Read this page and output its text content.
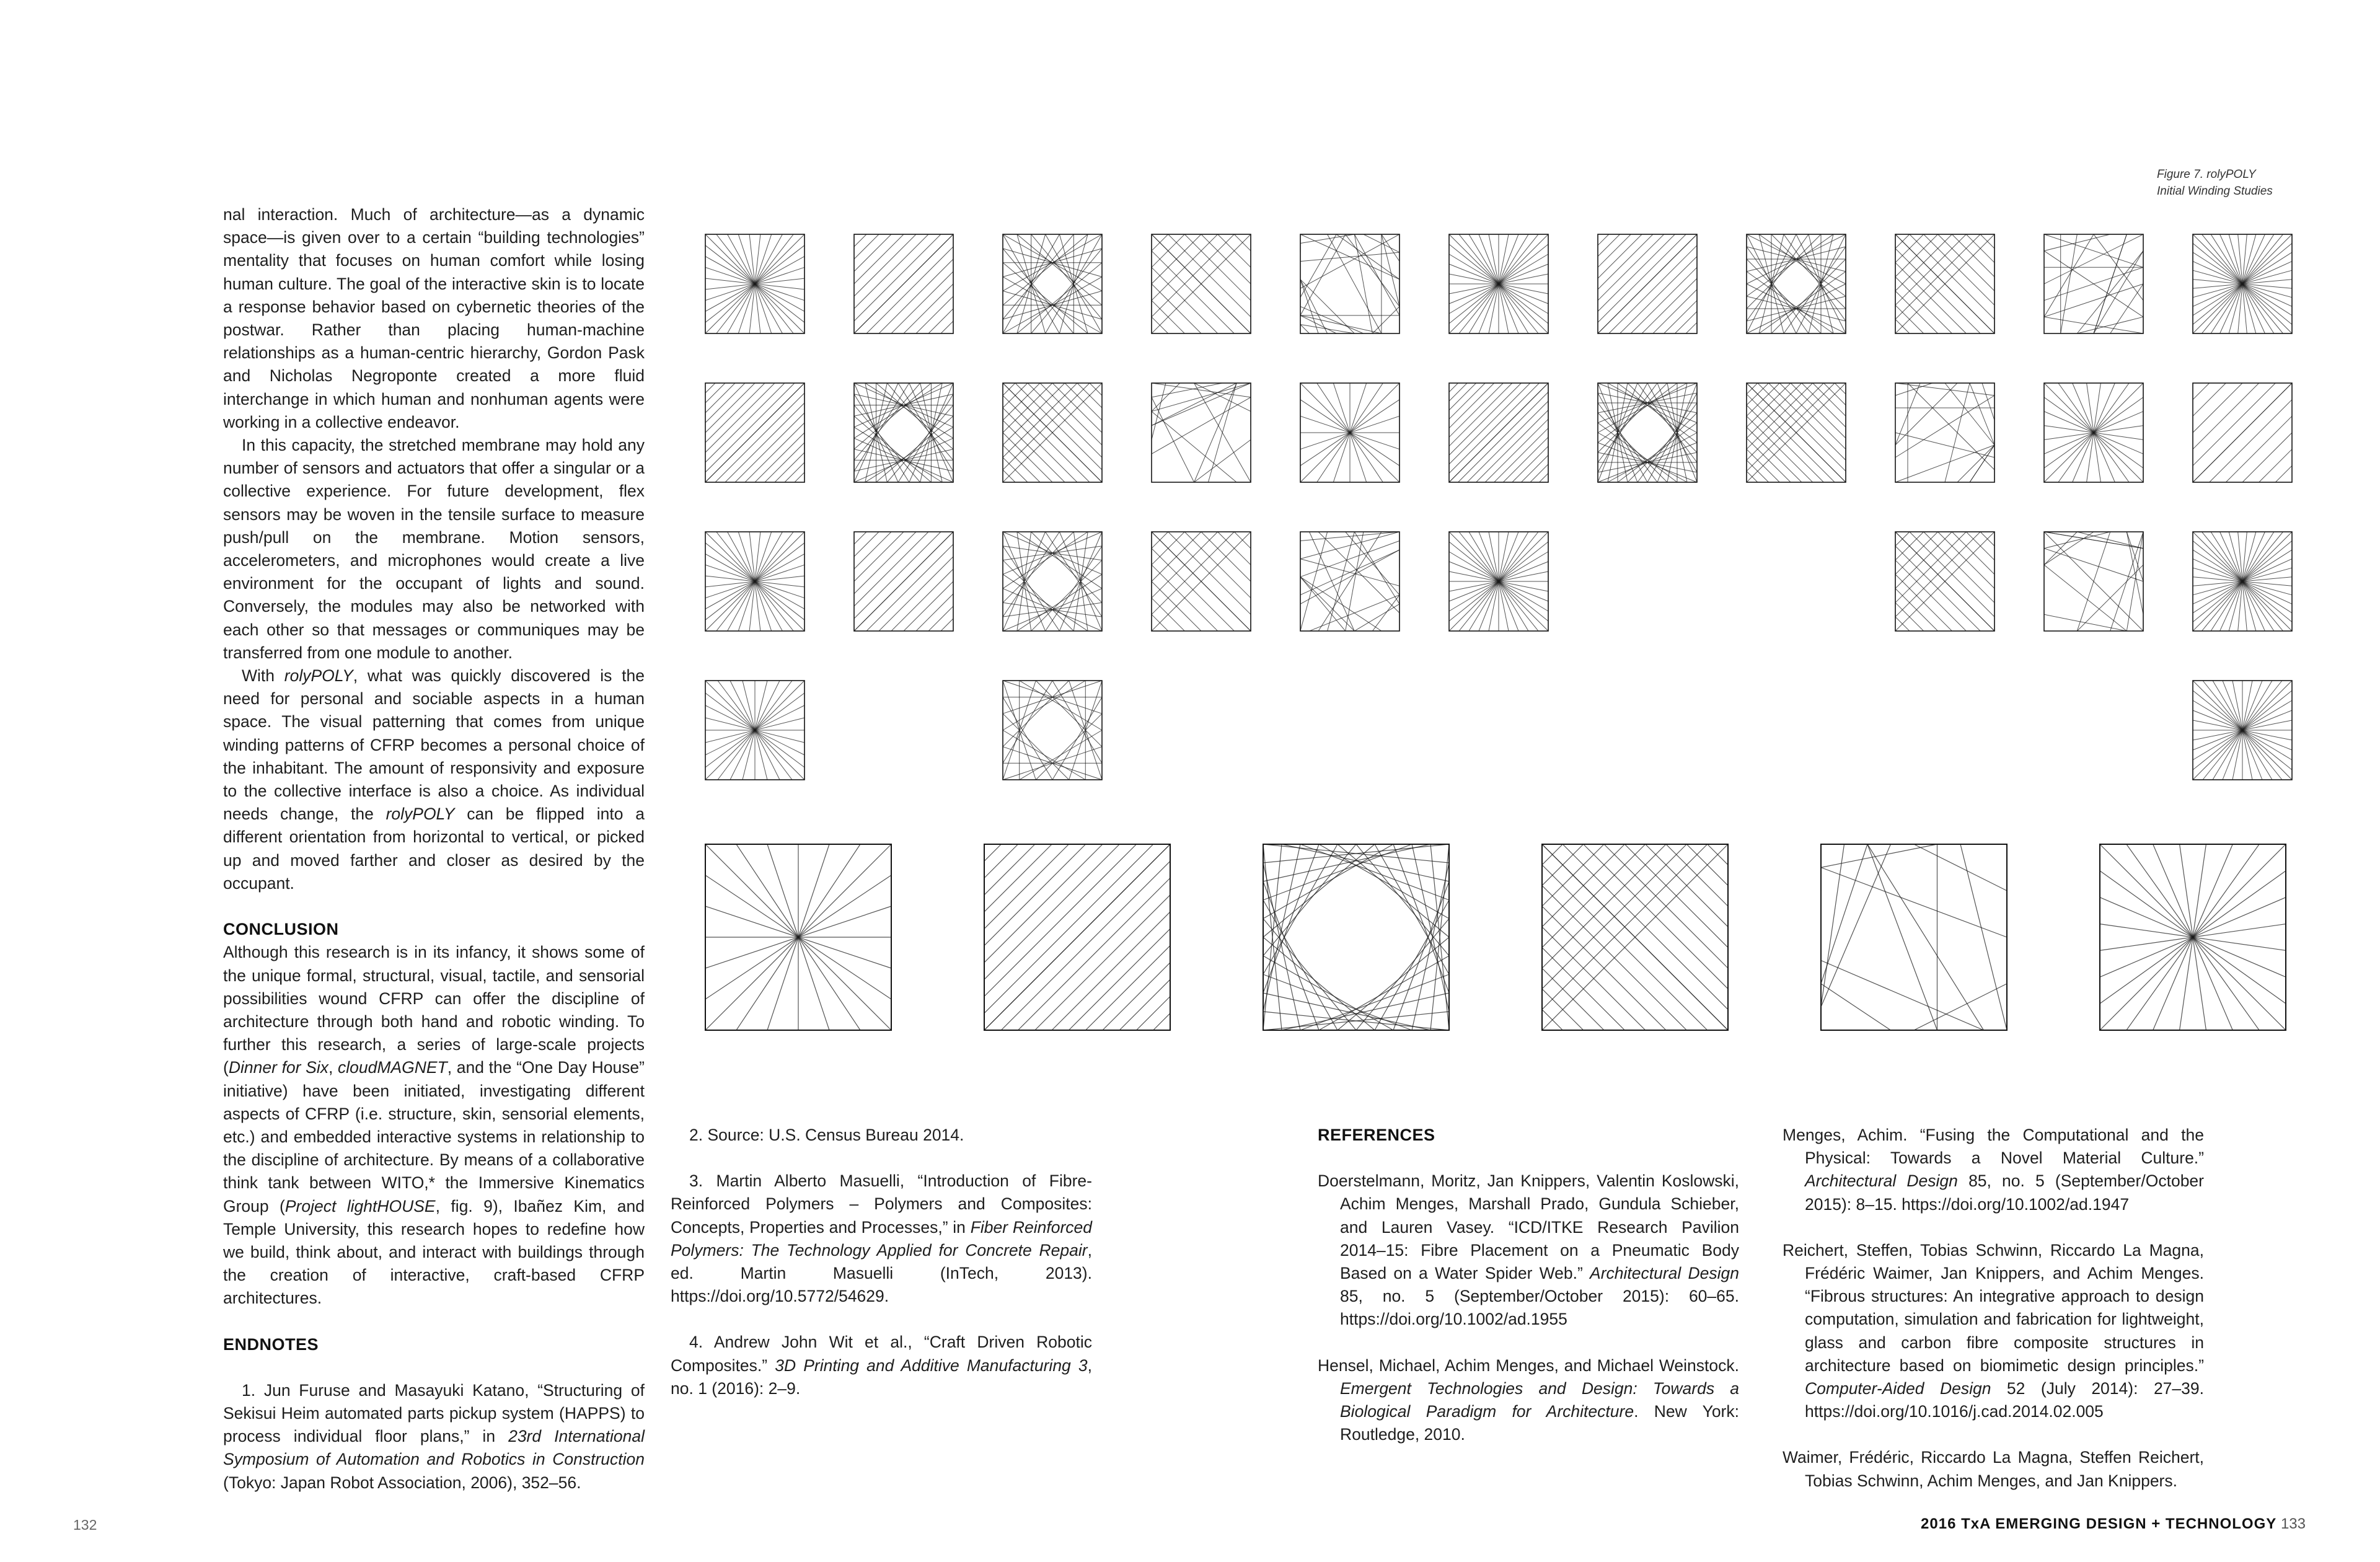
Figure 7. rolyPOLY
Initial Winding Studies

nal interaction. Much of architecture—as a dynamic space—is given over to a certain “building technologies” mentality that focuses on human comfort while losing human culture. The goal of the interactive skin is to locate a response behavior based on cybernetic theories of the postwar. Rather than placing human-machine relationships as a human-centric hierarchy, Gordon Pask and Nicholas Negroponte created a more fluid interchange in which human and nonhuman agents were working in a collective endeavor.

In this capacity, the stretched membrane may hold any number of sensors and actuators that offer a singular or a collective experience. For future development, flex sensors may be woven in the tensile surface to measure push/pull on the membrane. Motion sensors, accelerometers, and microphones would create a live environment for the occupant of lights and sound. Conversely, the modules may also be networked with each other so that messages or communiques may be transferred from one module to another.

With rolyPOLY, what was quickly discovered is the need for personal and sociable aspects in a human space. The visual patterning that comes from unique winding patterns of CFRP becomes a personal choice of the inhabitant. The amount of responsivity and exposure to the collective interface is also a choice. As individual needs change, the rolyPOLY can be flipped into a different orientation from horizontal to vertical, or picked up and moved farther and closer as desired by the occupant.

CONCLUSION

Although this research is in its infancy, it shows some of the unique formal, structural, visual, tactile, and sensorial possibilities wound CFRP can offer the discipline of architecture through both hand and robotic winding. To further this research, a series of large-scale projects (Dinner for Six, cloudMAGNET, and the “One Day House” initiative) have been initiated, investigating different aspects of CFRP (i.e. structure, skin, sensorial elements, etc.) and embedded interactive systems in relationship to the discipline of architecture. By means of a collaborative think tank between WITO,* the Immersive Kinematics Group (Project lightHOUSE, fig. 9), Ibañez Kim, and Temple University, this research hopes to redefine how we build, think about, and interact with buildings through the creation of interactive, craft-based CFRP architectures.

ENDNOTES

1. Jun Furuse and Masayuki Katano, “Structuring of Sekisui Heim automated parts pickup system (HAPPS) to process individual floor plans,” in 23rd International Symposium of Automation and Robotics in Construction (Tokyo: Japan Robot Association, 2006), 352–56.

2. Source: U.S. Census Bureau 2014.

3. Martin Alberto Masuelli, “Introduction of Fibre-Reinforced Polymers – Polymers and Composites: Concepts, Properties and Processes,” in Fiber Reinforced Polymers: The Technology Applied for Concrete Repair, ed. Martin Masuelli (InTech, 2013). https://doi.org/10.5772/54629.

4. Andrew John Wit et al., “Craft Driven Robotic Composites.” 3D Printing and Additive Manufacturing 3, no. 1 (2016): 2–9.

REFERENCES

Doerstelmann, Moritz, Jan Knippers, Valentin Koslowski, Achim Menges, Marshall Prado, Gundula Schieber, and Lauren Vasey. “ICD/ITKE Research Pavilion 2014–15: Fibre Placement on a Pneumatic Body Based on a Water Spider Web.” Architectural Design 85, no. 5 (September/October 2015): 60–65. https://doi.org/10.1002/ad.1955

Hensel, Michael, Achim Menges, and Michael Weinstock. Emergent Technologies and Design: Towards a Biological Paradigm for Architecture. New York: Routledge, 2010.

Menges, Achim. “Fusing the Computational and the Physical: Towards a Novel Material Culture.” Architectural Design 85, no. 5 (September/October 2015): 8–15. https://doi.org/10.1002/ad.1947

Reichert, Steffen, Tobias Schwinn, Riccardo La Magna, Frédéric Waimer, Jan Knippers, and Achim Menges. “Fibrous structures: An integrative approach to design computation, simulation and fabrication for lightweight, glass and carbon fibre composite structures in architecture based on biomimetic design principles.” Computer-Aided Design 52 (July 2014): 27–39. https://doi.org/10.1016/j.cad.2014.02.005

Waimer, Frédéric, Riccardo La Magna, Steffen Reichert, Tobias Schwinn, Achim Menges, and Jan Knippers.

132	2016 TxA EMERGING DESIGN + TECHNOLOGY 133
